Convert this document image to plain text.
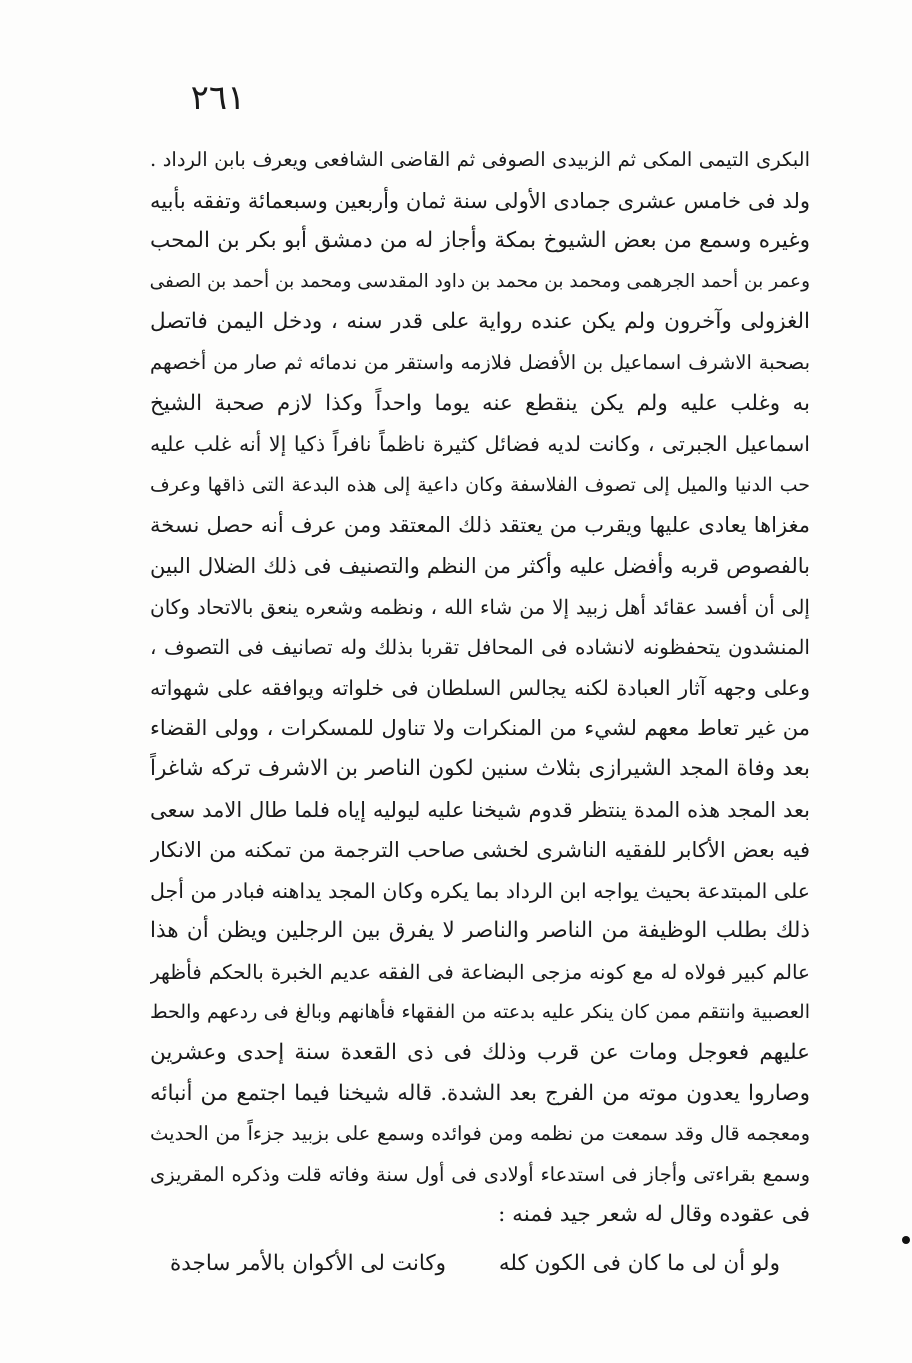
٢٦١
البكرى التيمى المكى ثم الزبيدى الصوفى ثم القاضى الشافعى ويعرف بابن الرداد .
ولد فى خامس عشرى جمادى الأولى سنة ثمان وأربعين وسبعمائة وتفقه بأبيه
وغيره وسمع من بعض الشيوخ بمكة وأجاز له من دمشق أبو بكر بن المحب
وعمر بن أحمد الجرهمى ومحمد بن محمد بن داود المقدسى ومحمد بن أحمد بن الصفى
الغزولى وآخرون ولم يكن عنده رواية على قدر سنه ، ودخل اليمن فاتصل
بصحبة الاشرف اسماعيل بن الأفضل فلازمه واستقر من ندمائه ثم صار من أخصهم
به وغلب عليه ولم يكن ينقطع عنه يوما واحداً وكذا لازم صحبة الشيخ
اسماعيل الجبرتى ، وكانت لديه فضائل كثيرة ناظماً نافراً ذكيا إلا أنه غلب عليه
حب الدنيا والميل إلى تصوف الفلاسفة وكان داعية إلى هذه البدعة التى ذاقها وعرف
مغزاها يعادى عليها ويقرب من يعتقد ذلك المعتقد ومن عرف أنه حصل نسخة
بالفصوص قربه وأفضل عليه وأكثر من النظم والتصنيف فى ذلك الضلال البين
إلى أن أفسد عقائد أهل زبيد إلا من شاء الله ، ونظمه وشعره ينعق بالاتحاد وكان
المنشدون يتحفظونه لانشاده فى المحافل تقربا بذلك وله تصانيف فى التصوف ،
وعلى وجهه آثار العبادة لكنه يجالس السلطان فى خلواته ويوافقه على شهواته
من غير تعاط معهم لشيء من المنكرات ولا تناول للمسكرات ، وولى القضاء
بعد وفاة المجد الشيرازى بثلاث سنين لكون الناصر بن الاشرف تركه شاغراً
بعد المجد هذه المدة ينتظر قدوم شيخنا عليه ليوليه إياه فلما طال الامد سعى
فيه بعض الأكابر للفقيه الناشرى لخشى صاحب الترجمة من تمكنه من الانكار
على المبتدعة بحيث يواجه ابن الرداد بما يكره وكان المجد يداهنه فبادر من أجل
ذلك بطلب الوظيفة من الناصر والناصر لا يفرق بين الرجلين ويظن أن هذا
عالم كبير فولاه له مع كونه مزجى البضاعة فى الفقه عديم الخبرة بالحكم فأظهر
العصبية وانتقم ممن كان ينكر عليه بدعته من الفقهاء فأهانهم وبالغ فى ردعهم والحط
عليهم فعوجل ومات عن قرب وذلك فى ذى القعدة سنة إحدى وعشرين
وصاروا يعدون موته من الفرج بعد الشدة. قاله شيخنا فيما اجتمع من أنبائه
ومعجمه قال وقد سمعت من نظمه ومن فوائده وسمع على بزبيد جزءاً من الحديث
وسمع بقراءتى وأجاز فى استدعاء أولادى فى أول سنة وفاته قلت وذكره المقريزى
فى عقوده وقال له شعر جيد فمنه :
ولو أن لى ما كان فى الكون كله
وكانت لى الأكوان بالأمر ساجدة
